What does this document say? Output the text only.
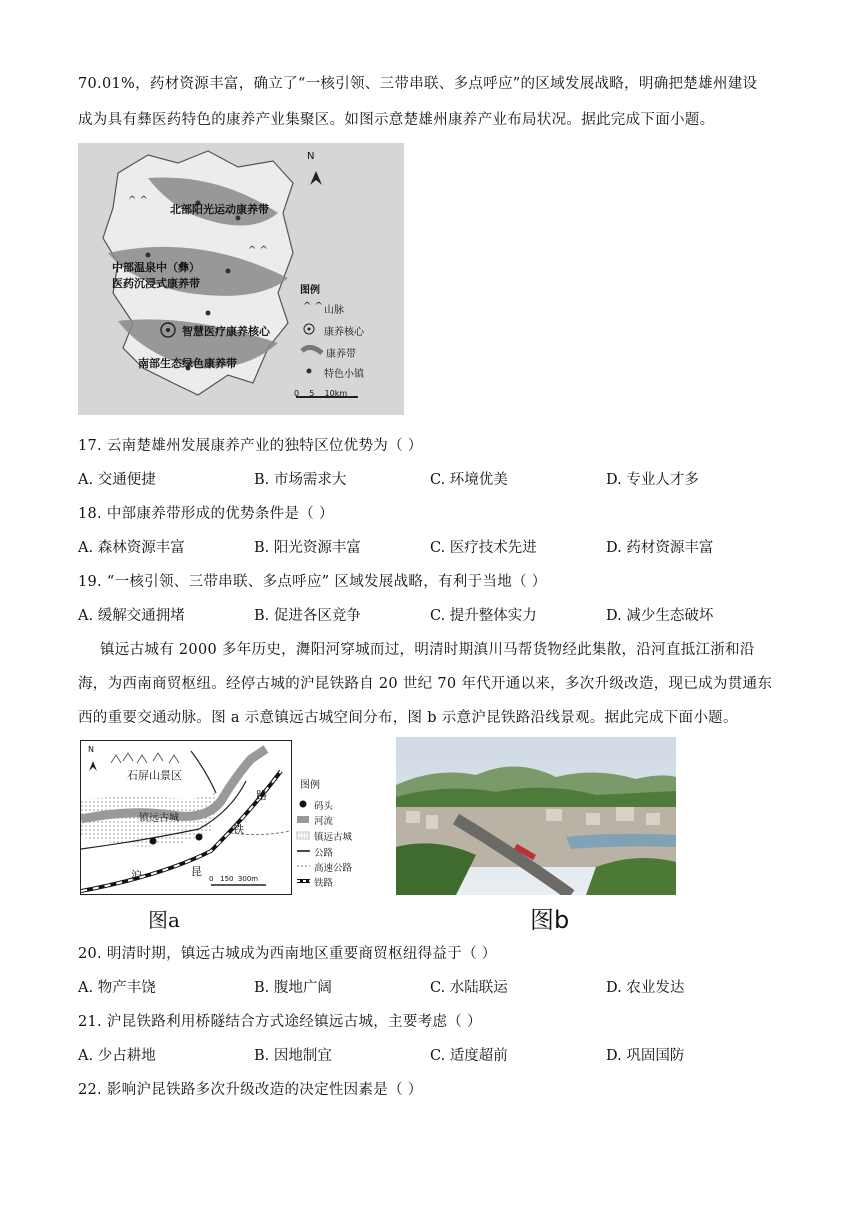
70.01%，药材资源丰富，确立了“一核引领、三带串联、多点呼应”的区域发展战略，明确把楚雄州建设
成为具有彝医药特色的康养产业集聚区。如图示意楚雄州康养产业布局状况。据此完成下面小题。
^ ^
^ ^
^ ^
N
北部阳光运动康养带
中部温泉中（彝）
医药沉浸式康养带
智慧医疗康养核心
南部生态绿色康养带
图例
山脉
康养核心
康养带
特色小镇
0    5    10km
17. 云南楚雄州发展康养产业的独特区位优势为（ ）
A. 交通便捷	B. 市场需求大	C. 环境优美	D. 专业人才多
18. 中部康养带形成的优势条件是（ ）
A. 森林资源丰富	B. 阳光资源丰富	C. 医疗技术先进	D. 药材资源丰富
19. “一核引领、三带串联、多点呼应” 区域发展战略，有利于当地（ ）
A. 缓解交通拥堵	B. 促进各区竞争	C. 提升整体实力	D. 减少生态破坏
镇远古城有 2000 多年历史，㵲阳河穿城而过，明清时期滇川马帮货物经此集散，沿河直抵江浙和沿
海，为西南商贸枢纽。经停古城的沪昆铁路自 20 世纪 70 年代开通以来，多次升级改造，现已成为贯通东
西的重要交通动脉。图 a 示意镇远古城空间分布，图 b 示意沪昆铁路沿线景观。据此完成下面小题。
N
石屏山景区
镇远古城
沪	昆
路
铁
0   150  300m
图例
码头
河流
镇远古城
公路
高速公路
铁路
图a	图b
20. 明清时期，镇远古城成为西南地区重要商贸枢纽得益于（ ）
A. 物产丰饶	B. 腹地广阔	C. 水陆联运	D. 农业发达
21. 沪昆铁路利用桥隧结合方式途经镇远古城，主要考虑（ ）
A. 少占耕地	B. 因地制宜	C. 适度超前	D. 巩固国防
22. 影响沪昆铁路多次升级改造的决定性因素是（ ）
